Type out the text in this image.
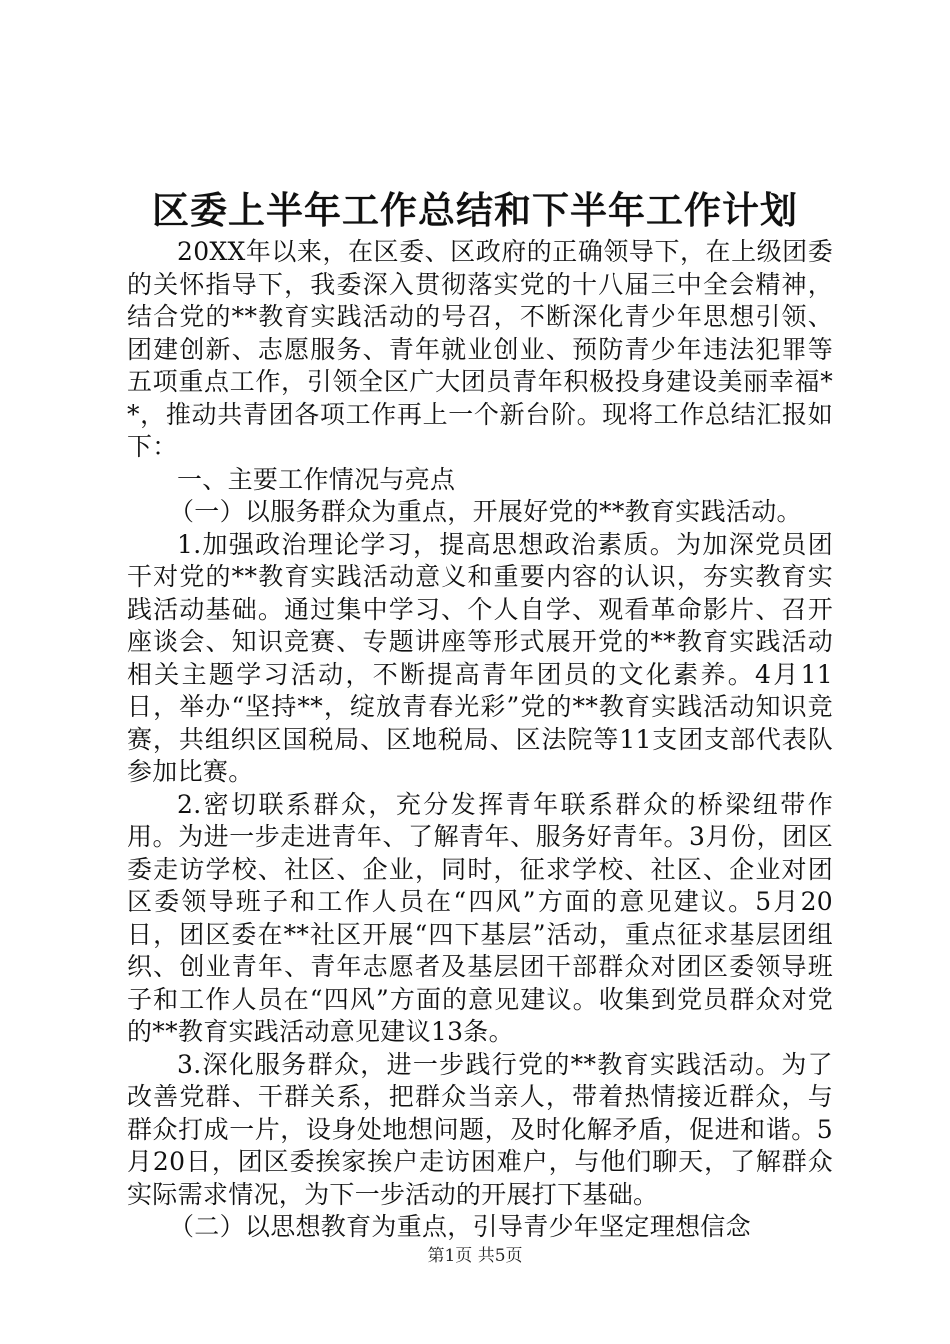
区委上半年工作总结和下半年工作计划

20XX年以来，在区委、区政府的正确领导下，在上级团委的关怀指导下，我委深入贯彻落实党的十八届三中全会精神，结合党的**教育实践活动的号召，不断深化青少年思想引领、团建创新、志愿服务、青年就业创业、预防青少年违法犯罪等五项重点工作，引领全区广大团员青年积极投身建设美丽幸福**，推动共青团各项工作再上一个新台阶。现将工作总结汇报如下：

一、主要工作情况与亮点

（一）以服务群众为重点，开展好党的**教育实践活动。

1.加强政治理论学习，提高思想政治素质。为加深党员团干对党的**教育实践活动意义和重要内容的认识，夯实教育实践活动基础。通过集中学习、个人自学、观看革命影片、召开座谈会、知识竞赛、专题讲座等形式展开党的**教育实践活动相关主题学习活动，不断提高青年团员的文化素养。4月11日，举办“坚持**，绽放青春光彩”党的**教育实践活动知识竞赛，共组织区国税局、区地税局、区法院等11支团支部代表队参加比赛。

2.密切联系群众，充分发挥青年联系群众的桥梁纽带作用。为进一步走进青年、了解青年、服务好青年。3月份，团区委走访学校、社区、企业，同时，征求学校、社区、企业对团区委领导班子和工作人员在“四风”方面的意见建议。5月20日，团区委在**社区开展“四下基层”活动，重点征求基层团组织、创业青年、青年志愿者及基层团干部群众对团区委领导班子和工作人员在“四风”方面的意见建议。收集到党员群众对党的**教育实践活动意见建议13条。

3.深化服务群众，进一步践行党的**教育实践活动。为了改善党群、干群关系，把群众当亲人，带着热情接近群众，与群众打成一片，设身处地想问题，及时化解矛盾，促进和谐。5月20日，团区委挨家挨户走访困难户，与他们聊天，了解群众实际需求情况，为下一步活动的开展打下基础。

（二）以思想教育为重点，引导青少年坚定理想信念

第1页 共5页
